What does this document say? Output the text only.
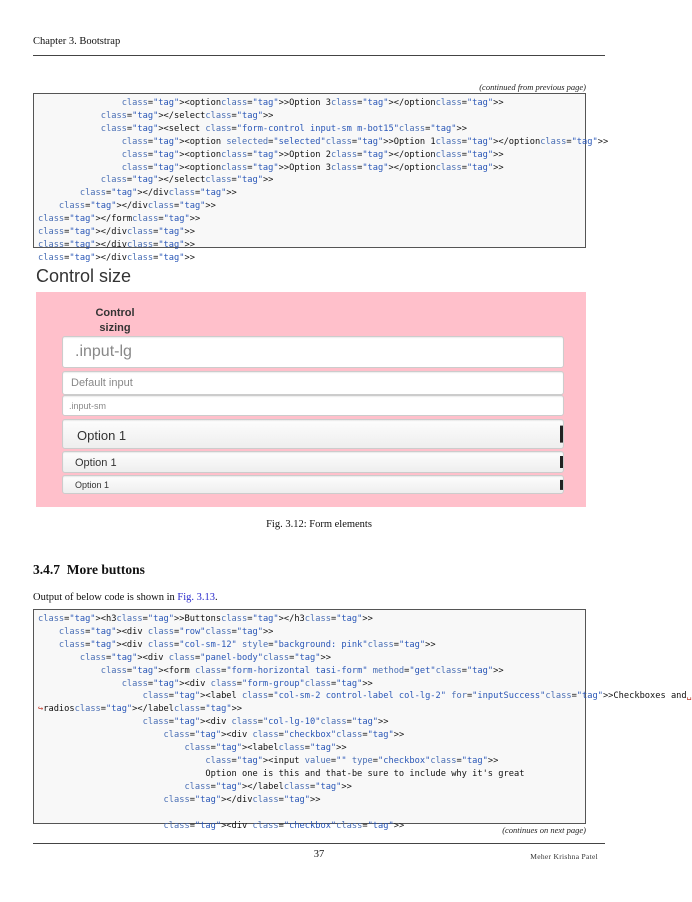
Chapter 3. Bootstrap
(continued from previous page)
class="tag"><optionclass="tag">>Option 3class="tag"></optionclass="tag">>
class="tag"></selectclass="tag">>
class="tag"><select class="form-control input-sm m-bot15"class="tag">>
class="tag"><option selected="selected"class="tag">>Option 1class="tag"></optionclass="tag">>
class="tag"><optionclass="tag">>Option 2class="tag"></optionclass="tag">>
class="tag"><optionclass="tag">>Option 3class="tag"></optionclass="tag">>
class="tag"></selectclass="tag">>
class="tag"></divclass="tag">>
class="tag"></divclass="tag">>
class="tag"></formclass="tag">>
class="tag"></divclass="tag">>
class="tag"></divclass="tag">>
class="tag"></divclass="tag">>
Control size
Control
sizing
.input-lg
Default input
.input-sm
Option 1
Option 1
Option 1
Fig. 3.12: Form elements
3.4.7 More buttons
Output of below code is shown in Fig. 3.13.
class="tag"><h3class="tag">>Buttonsclass="tag"></h3class="tag">>
class="tag"><div class="row"class="tag">>
class="tag"><div class="col-sm-12" style="background: pink"class="tag">>
class="tag"><div class="panel-body"class="tag">>
class="tag"><form class="form-horizontal tasi-form" method="get"class="tag">>
class="tag"><div class="form-group"class="tag">>
class="tag"><label class="col-sm-2 control-label col-lg-2" for="inputSuccess"class="tag">>Checkboxes and␣
↪radiosclass="tag"></labelclass="tag">>
class="tag"><div class="col-lg-10"class="tag">>
class="tag"><div class="checkbox"class="tag">>
class="tag"><labelclass="tag">>
class="tag"><input value="" type="checkbox"class="tag">>
Option one is this and that-be sure to include why it's great
class="tag"></labelclass="tag">>
class="tag"></divclass="tag">>

class="tag"><div class="checkbox"class="tag">>	(continues on next page)
37	Meher Krishna Patel
